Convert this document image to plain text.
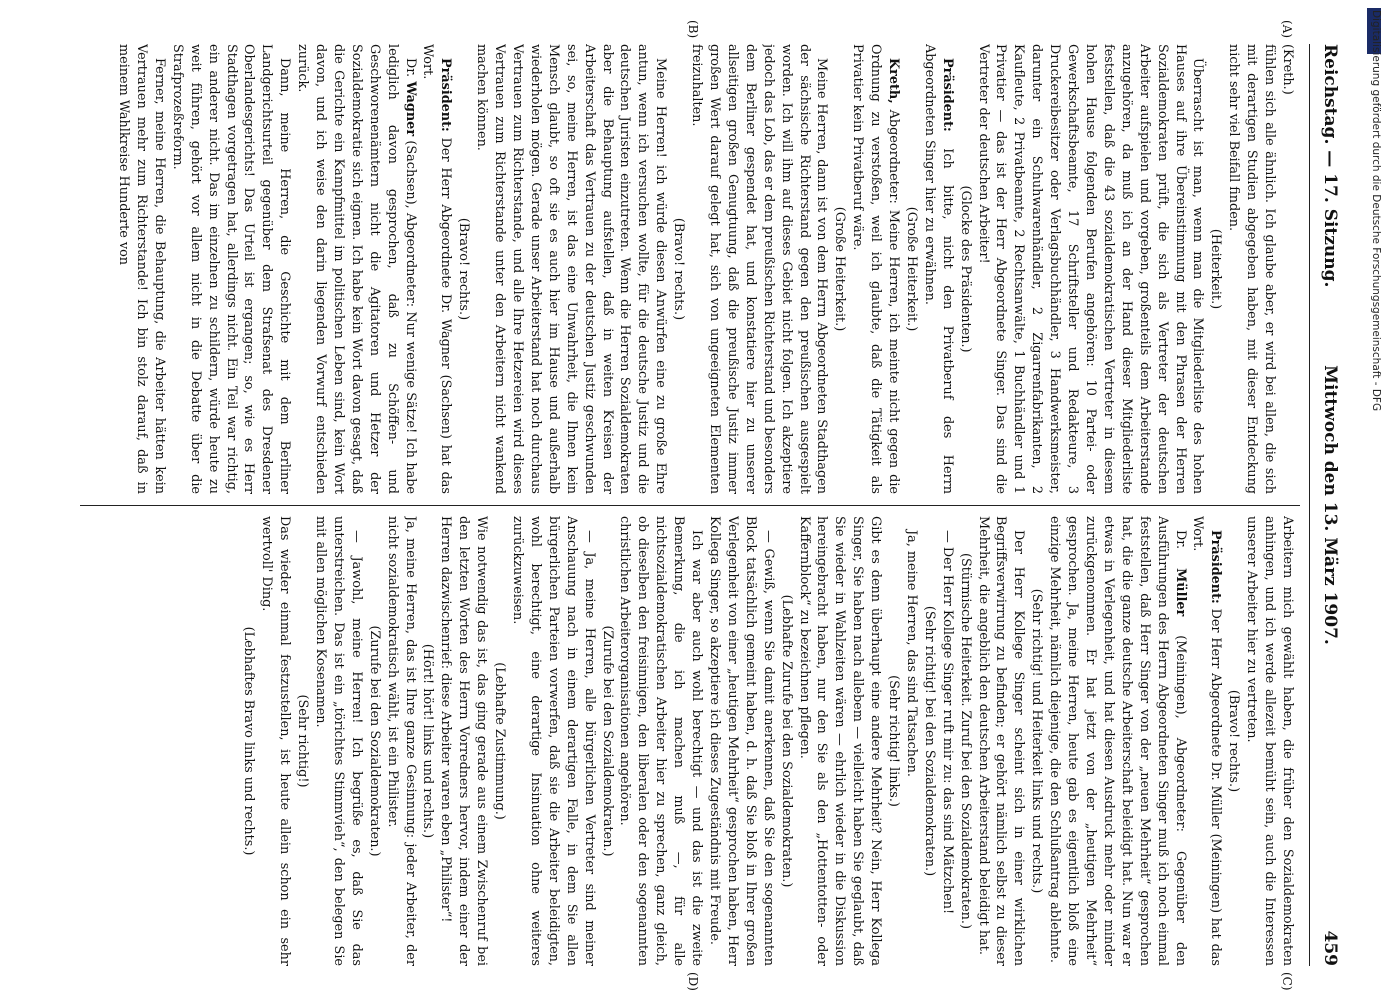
Digitalisierung gefördert durch die Deutsche Forschungsgemeinschaft - DFG
Reichstag. — 17. Sitzung.
Mittwoch den 13. März 1907.
459
(A)
(B)
(C)
(D)

(Kreth.)

fühlen sich alle ähnlich. Ich glaube aber, er wird bei allen, die sich mit derartigen Studien abgegeben haben, mit dieser Entdeckung nicht sehr viel Beifall finden.

(Heiterkeit.)

Überrascht ist man, wenn man die Mitgliederliste des hohen Hauses auf ihre Übereinstimmung mit den Phrasen der Herren Sozialdemokraten prüft, die sich als Vertreter der deutschen Arbeiter aufspielen und vorgeben, großenteils dem Arbeiterstande anzugehören, da muß ich an der Hand dieser Mitgliederliste feststellen, daß die 43 sozialdemokratischen Vertreter in diesem hohen Hause folgenden Berufen angehören: 10 Partei- oder Gewerkschaftsbeamte, 17 Schriftsteller und Redakteure, 3 Druckereibesitzer oder Verlagsbuchhändler, 3 Handwerksmeister, darunter ein Schuhwarenhändler, 2 Zigarrenfabrikanten, 2 Kaufleute, 2 Privatbeamte, 2 Rechtsanwälte, 1 Buchhändler und 1 Privatier — das ist der Herr Abgeordnete Singer. Das sind die Vertreter der deutschen Arbeiter!

(Glocke des Präsidenten.)

Präsident: Ich bitte, nicht den Privatberuf des Herrn Abgeordneten Singer hier zu erwähnen.

(Große Heiterkeit.)

Kreth, Abgeordneter: Meine Herren, ich meinte nicht gegen die Ordnung zu verstoßen, weil ich glaubte, daß die Tätigkeit als Privatier kein Privatberuf wäre.

(Große Heiterkeit.)

Meine Herren, dann ist von dem Herrn Abgeordneten Stadthagen der sächsische Richterstand gegen den preußischen ausgespielt worden. Ich will ihm auf dieses Gebiet nicht folgen. Ich akzeptiere jedoch das Lob, das er dem preußischen Richterstand und besonders dem Berliner gespendet hat, und konstatiere hier zu unserer allseitigen großen Genugtuung, daß die preußische Justiz immer großen Wert darauf gelegt hat, sich von ungeeigneten Elementen freizuhalten.

(Bravo! rechts.)

Meine Herren! ich würde diesen Anwürfen eine zu große Ehre antun, wenn ich versuchen wollte, für die deutsche Justiz und die deutschen Juristen einzutreten. Wenn die Herren Sozialdemokraten aber die Behauptung aufstellen, daß in weiten Kreisen der Arbeiterschaft das Vertrauen zu der deutschen Justiz geschwunden sei, so, meine Herren, ist das eine Unwahrheit, die Ihnen kein Mensch glaubt, so oft sie es auch hier im Hause und außerhalb wiederholen mögen. Gerade unser Arbeiterstand hat noch durchaus Vertrauen zum Richterstande, und alle Ihre Hetzereien wird dieses Vertrauen zum Richterstande unter den Arbeitern nicht wankend machen können.

(Bravo! rechts.)

Präsident: Der Herr Abgeordnete Dr. Wagner (Sachsen) hat das Wort.

Dr. Wagner (Sachsen), Abgeordneter: Nur wenige Sätze! Ich habe lediglich davon gesprochen, daß zu Schöffen- und Geschworenenämtern nicht die Agitatoren und Hetzer der Sozialdemokratie sich eignen. Ich habe kein Wort davon gesagt, daß die Gerichte ein Kampfmittel im politischen Leben sind, kein Wort davon, und ich weise den darin liegenden Vorwurf entschieden zurück.

Dann, meine Herren, die Geschichte mit dem Berliner Landgerichtsurteil gegenüber dem Strafsenat des Dresdener Oberlandesgerichts! Das Urteil ist ergangen; so, wie es Herr Stadthagen vorgetragen hat, allerdings nicht. Ein Teil war richtig, ein anderer nicht. Das im einzelnen zu schildern, würde heute zu weit führen, gehört vor allem nicht in die Debatte über die Strafprozeßreform.

Ferner, meine Herren, die Behauptung, die Arbeiter hätten kein Vertrauen mehr zum Richterstande! Ich bin stolz darauf, daß in meinem Wahlkreise Hunderte von

Arbeitern mich gewählt haben, die früher den Sozialdemokraten anhingen, und ich werde allezeit bemüht sein, auch die Interessen unserer Arbeiter hier zu vertreten.

(Bravo! rechts.)

Präsident: Der Herr Abgeordnete Dr. Müller (Meiningen) hat das Wort.

Dr. Müller (Meiningen), Abgeordneter: Gegenüber den Ausführungen des Herrn Abgeordneten Singer muß ich noch einmal feststellen, daß Herr Singer von der „neuen Mehrheit“ gesprochen hat, die die ganze deutsche Arbeiterschaft beleidigt hat. Nun war er etwas in Verlegenheit, und hat diesen Ausdruck mehr oder minder zurückgenommen. Er hat jetzt von der „heutigen Mehrheit“ gesprochen. Ja, meine Herren, heute gab es eigentlich bloß eine einzige Mehrheit, nämlich diejenige, die den Schlußantrag ablehnte.

(Sehr richtig! und Heiterkeit links und rechts.)

Der Herr Kollege Singer scheint sich in einer wirklichen Begriffsverwirrung zu befinden; er gehört nämlich selbst zu dieser Mehrheit, die angeblich den deutschen Arbeiterstand beleidigt hat.

(Stürmische Heiterkeit. Zuruf bei den Sozialdemokraten.)

— Der Herr Kollege Singer ruft mir zu: das sind Mätzchen!

(Sehr richtig! bei den Sozialdemokraten.)

Ja, meine Herren, das sind Tatsachen.

(Sehr richtig! links.)

Gibt es denn überhaupt eine andere Mehrheit? Nein, Herr Kollega Singer, Sie haben nach allebem — vielleicht haben Sie geglaubt, daß Sie wieder in Wahlzeiten wären — ehrlich wieder in die Diskussion hereingebracht haben, nur den Sie als den „Hottentotten- oder Kaffernblock“ zu bezeichnen pflegen.

(Lebhafte Zurufe bei den Sozialdemokraten.)

— Gewiß, wenn Sie damit anerkennen, daß Sie den sogenannten Block tatsächlich gemeint haben, d. h. daß Sie bloß in Ihrer großen Verlegenheit von einer „heutigen Mehrheit“ gesprochen haben, Herr Kollega Singer, so akzeptiere ich dieses Zugeständnis mit Freude.

Ich war aber auch wohl berechtigt — und das ist die zweite Bemerkung, die ich machen muß —, für alle nichtsozialdemokratischen Arbeiter hier zu sprechen, ganz gleich, ob dieselben den freisinnigen, den liberalen oder den sogenannten christlichen Arbeiterorganisationen angehören.

(Zurufe bei den Sozialdemokraten.)

— Ja, meine Herren, alle bürgerlichen Vertreter sind meiner Anschauung nach in einem derartigen Falle, in dem Sie allen bürgerlichen Parteien vorwerfen, daß sie die Arbeiter beleidigten, wohl berechtigt, eine derartige Insinuation ohne weiteres zurückzuweisen.

(Lebhafte Zustimmung.)

Wie notwendig das ist, das ging gerade aus einem Zwischenruf bei den letzten Worten des Herrn Vorredners hervor, indem einer der Herren dazwischenrief: diese Arbeiter waren eben „Philister“!

(Hört! hört! links und rechts.)

Ja, meine Herren, das ist Ihre ganze Gesinnung: jeder Arbeiter, der nicht sozialdemokratisch wählt, ist ein Philister.

(Zurufe bei den Sozialdemokraten.)

— Jawohl, meine Herren! Ich begrüße es, daß Sie das unterstreichen. Das ist ein „törichtes Stimmvieh“, den belegen Sie mit allen möglichen Kosenamen.

(Sehr richtig!)

Das wieder einmal festzustellen, ist heute allein schon ein sehr wertvoll' Ding.

(Lebhaftes Bravo links und rechts.)
